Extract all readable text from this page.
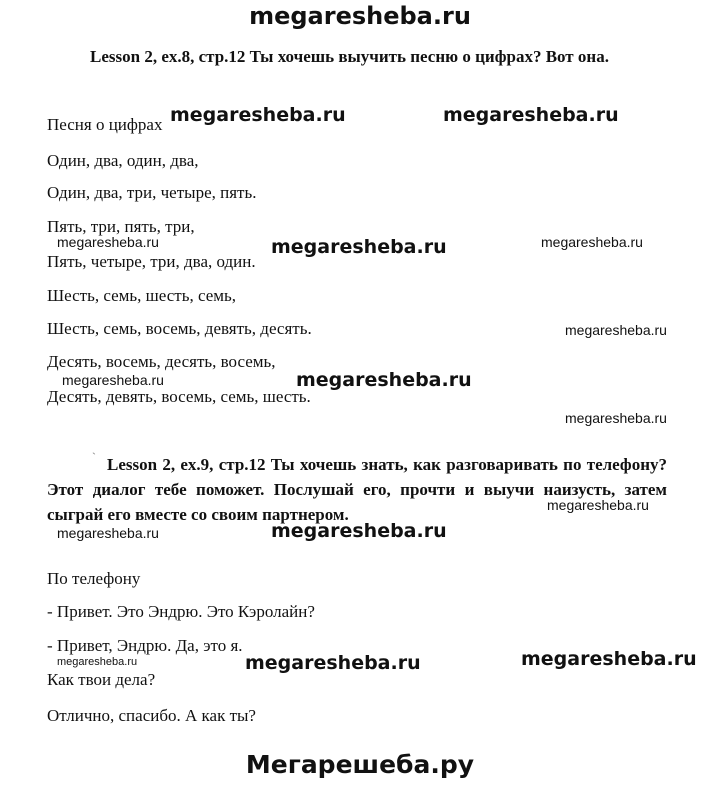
megaresheba.ru
Lesson 2, ex.8, стр.12 Ты хочешь выучить песню о цифрах? Вот она.
Песня о цифрах
Один, два, один, два,
Один, два, три, четыре, пять.
Пять, три, пять, три,
Пять, четыре, три, два, один.
Шесть, семь, шесть, семь,
Шесть, семь, восемь, девять, десять.
Десять, восемь, десять, восемь,
Десять, девять, восемь, семь, шесть.
ˋ Lesson 2, ex.9, стр.12 Ты хочешь знать, как разговаривать по телефону? Этот диалог тебе поможет. Послушай его, прочти и выучи наизусть, затем сыграй его вместе со своим партнером.
По телефону
- Привет. Это Эндрю. Это Кэролайн?
- Привет, Эндрю. Да, это я.
Как твои дела?
Отлично, спасибо. А как ты?
megaresheba.ru	megaresheba.ru
megaresheba.ru	megaresheba.ru	megaresheba.ru
megaresheba.ru
megaresheba.ru	megaresheba.ru
megaresheba.ru
megaresheba.ru
megaresheba.ru	megaresheba.ru
megaresheba.ru	megaresheba.ru	megaresheba.ru
Мегарешеба.ру
